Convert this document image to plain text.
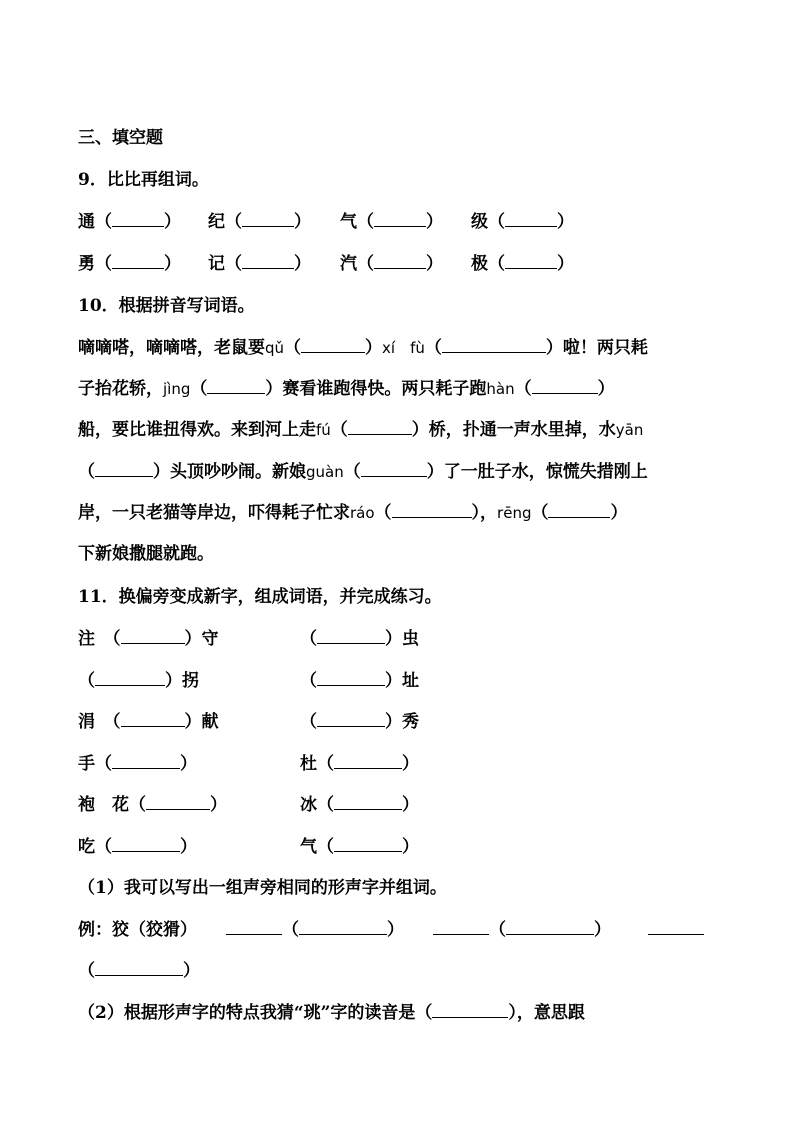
三、填空题
9．比比再组词。
通（	） 纪（	） 气（	） 级（	）
勇（	） 记（	） 汽（	） 极（	）
10．根据拼音写词语。
嘀嘀嗒，嘀嘀嗒，老鼠要qǔ（	）xí　fù（	）啦！两只耗
子抬花轿，jìng（	）赛看谁跑得快。两只耗子跑hàn（	）
船，要比谁扭得欢。来到河上走fú（	）桥，扑通一声水里掉，水yān
（	）头顶吵吵闹。新娘guàn（	）了一肚子水，惊慌失措刚上
岸，一只老猫等岸边，吓得耗子忙求ráo（	），rēng（	）
下新娘撒腿就跑。
11．换偏旁变成新字，组成词语，并完成练习。
注　（	）守	（	）虫
（	）拐	（	）址
涓　（	）献	（	）秀
手（	）	杜（	）
袍　花（	）	冰（	）
吃（	）	气（	）
（1）我可以写出一组声旁相同的形声字并组词。
例：狡（狡猾）	（	）	（	）
（	）
（2）根据形声字的特点我猜“珧”字的读音是（	），意思跟
